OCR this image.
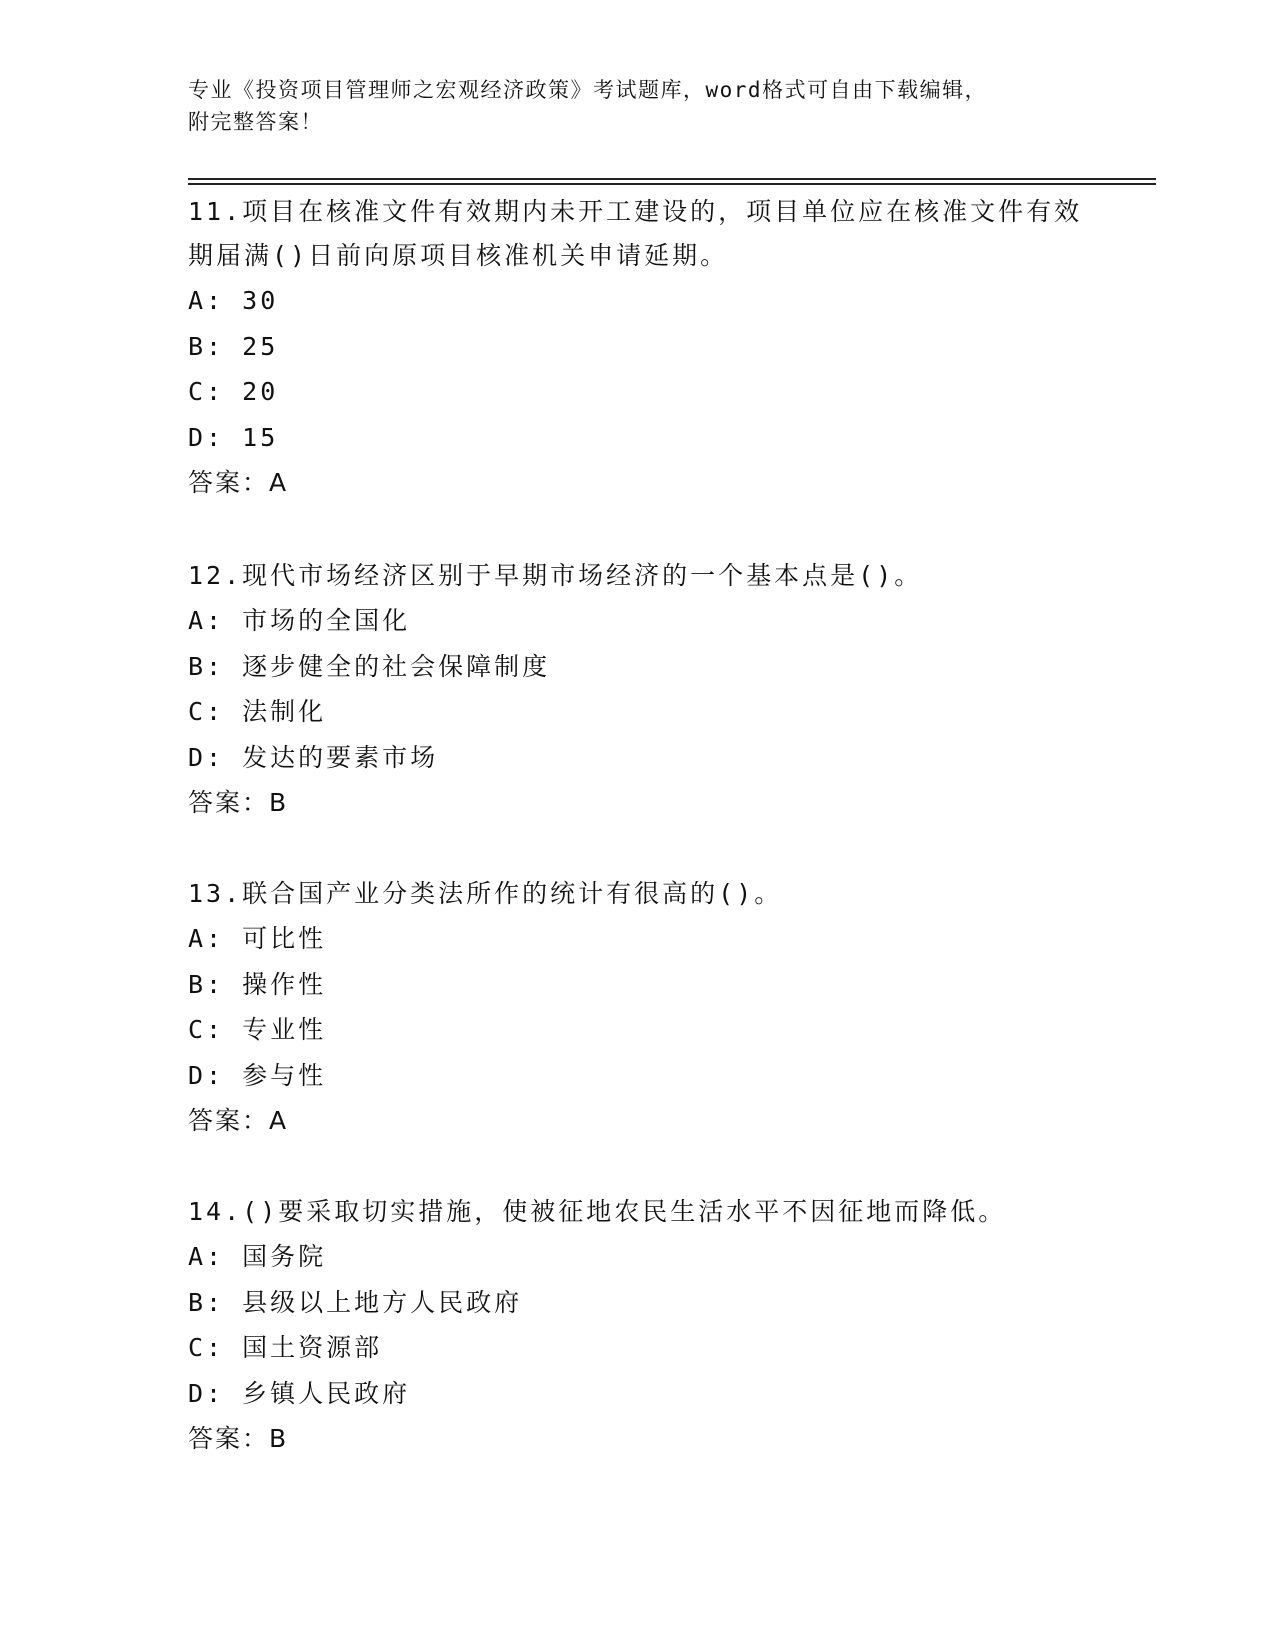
专业《投资项目管理师之宏观经济政策》考试题库，word格式可自由下载编辑，
附完整答案！

11.项目在核准文件有效期内未开工建设的，项目单位应在核准文件有效期届满()日前向原项目核准机关申请延期。

A: 30

B: 25

C: 20

D: 15

答案：A

12.现代市场经济区别于早期市场经济的一个基本点是()。

A: 市场的全国化

B: 逐步健全的社会保障制度

C: 法制化

D: 发达的要素市场

答案：B

13.联合国产业分类法所作的统计有很高的()。

A: 可比性

B: 操作性

C: 专业性

D: 参与性

答案：A

14.()要采取切实措施，使被征地农民生活水平不因征地而降低。

A: 国务院

B: 县级以上地方人民政府

C: 国土资源部

D: 乡镇人民政府

答案：B
